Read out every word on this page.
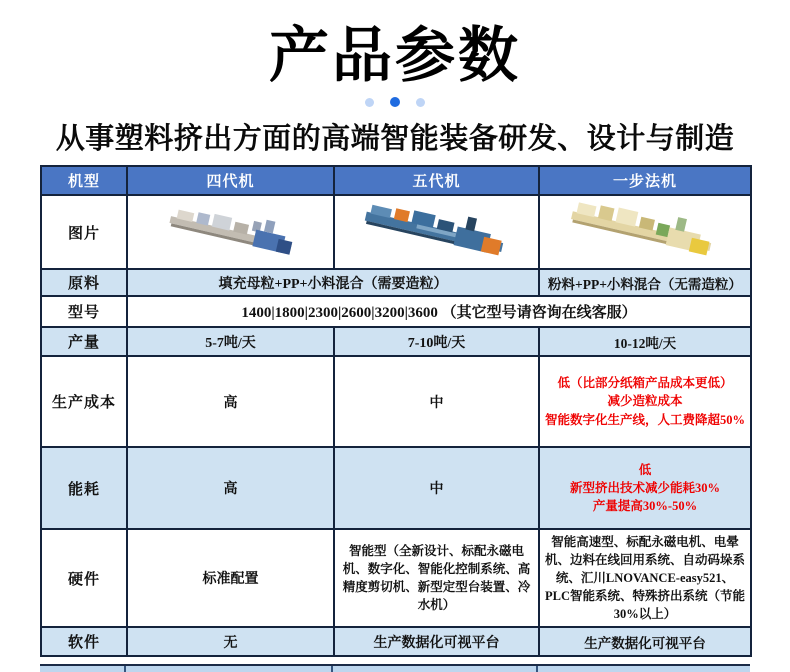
产品参数

从事塑料挤出方面的高端智能装备研发、设计与制造
机型	四代机	五代机	一步法机
图片	

原料	填充母粒+PP+小料混合（需要造粒）		粉料+PP+小料混合（无需造粒）
型号	1400|1800|2300|2600|3200|3600 （其它型号请咨询在线客服）		
产量	5-7吨/天	7-10吨/天	10-12吨/天
生产成本	高	中	低（比部分纸箱产品成本更低）
减少造粒成本
智能数字化生产线，人工费降超50%

能耗	高	中	低
新型挤出技术减少能耗30%
产量提高30%-50%

硬件	标准配置	智能型（全新设计、标配永磁电机、数字化、智能化控制系统、高精度剪切机、新型定型台装置、冷水机）	智能高速型、标配永磁电机、电晕机、边料在线回用系统、自动码垛系统、汇川LNOVANCE-easy521、PLC智能系统、特殊挤出系统（节能30%以上）
软件	无	生产数据化可视平台	生产数据化可视平台
